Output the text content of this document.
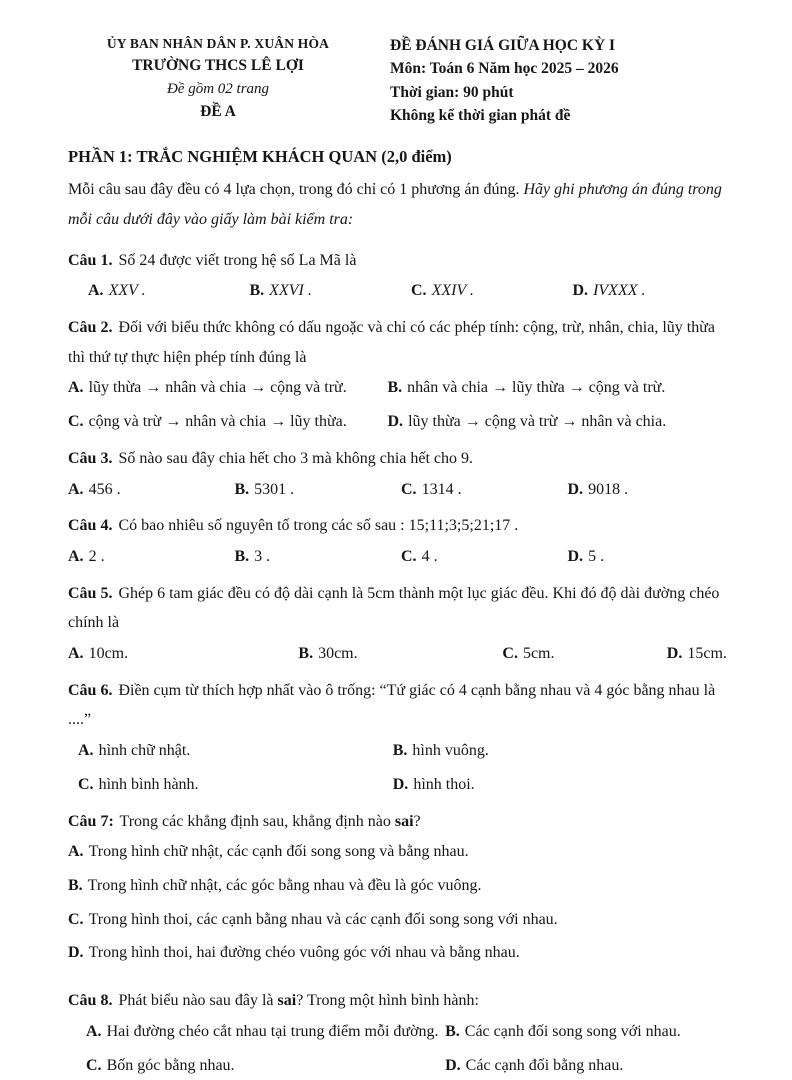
ỦY BAN NHÂN DÂN P. XUÂN HÒA
TRƯỜNG THCS LÊ LỢI
Đề gồm 02 trang
ĐỀ A
ĐỀ ĐÁNH GIÁ GIỮA HỌC KỲ I
Môn: Toán 6 Năm học 2025 – 2026
Thời gian: 90 phút
Không kể thời gian phát đề
PHẦN 1: TRẮC NGHIỆM KHÁCH QUAN (2,0 điểm)

Mỗi câu sau đây đều có 4 lựa chọn, trong đó chỉ có 1 phương án đúng. Hãy ghi phương án đúng trong mỗi câu dưới đây vào giấy làm bài kiểm tra:

Câu 1. Số 24 được viết trong hệ số La Mã là

A. XXV .	B. XXVI .	C. XXIV .	D. IVXXX .

Câu 2. Đối với biểu thức không có dấu ngoặc và chỉ có các phép tính: cộng, trừ, nhân, chia, lũy thừa thì thứ tự thực hiện phép tính đúng là

A. lũy thừa → nhân và chia → cộng và trừ.	B. nhân và chia → lũy thừa → cộng và trừ.
C. cộng và trừ → nhân và chia → lũy thừa.	D. lũy thừa → cộng và trừ → nhân và chia.

Câu 3. Số nào sau đây chia hết cho 3 mà không chia hết cho 9.

A. 456 .	B. 5301 .	C. 1314 .	D. 9018 .

Câu 4. Có bao nhiêu số nguyên tố trong các số sau : 15;11;3;5;21;17 .

A. 2 .	B. 3 .	C. 4 .	D. 5 .

Câu 5. Ghép 6 tam giác đều có độ dài cạnh là 5cm thành một lục giác đều. Khi đó độ dài đường chéo chính là

A. 10cm.	B. 30cm.	C. 5cm.	D. 15cm.

Câu 6. Điền cụm từ thích hợp nhất vào ô trống: “Tứ giác có 4 cạnh bằng nhau và 4 góc bằng nhau là ....”

A. hình chữ nhật.	B. hình vuông.
C. hình bình hành.	D. hình thoi.

Câu 7: Trong các khẳng định sau, khẳng định nào sai?

A. Trong hình chữ nhật, các cạnh đối song song và bằng nhau.
B. Trong hình chữ nhật, các góc bằng nhau và đều là góc vuông.
C. Trong hình thoi, các cạnh bằng nhau và các cạnh đối song song với nhau.
D. Trong hình thoi, hai đường chéo vuông góc với nhau và bằng nhau.

Câu 8. Phát biểu nào sau đây là sai? Trong một hình bình hành:

A. Hai đường chéo cắt nhau tại trung điểm mỗi đường. B. Các cạnh đối song song với nhau.
C. Bốn góc bằng nhau.	D. Các cạnh đối bằng nhau.
